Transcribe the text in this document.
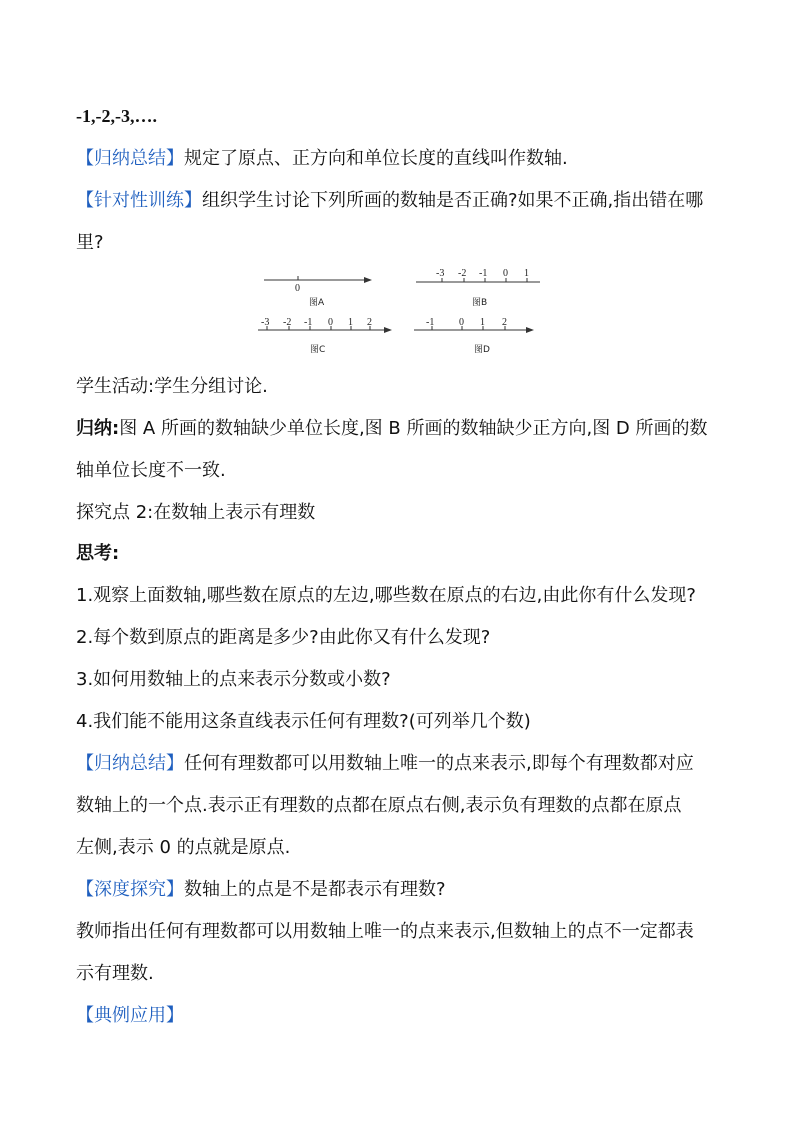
-1,-2,-3,….
【归纳总结】规定了原点、正方向和单位长度的直线叫作数轴.
【针对性训练】组织学生讨论下列所画的数轴是否正确?如果不正确,指出错在哪
里?
0
图A
-3 -2 -1 0 1
图B
-3 -2 -1 0 1 2
图C
-1 0 1 2
图D
学生活动:学生分组讨论.
归纳:图 A 所画的数轴缺少单位长度,图 B 所画的数轴缺少正方向,图 D 所画的数
轴单位长度不一致.
探究点 2:在数轴上表示有理数
思考:
1.观察上面数轴,哪些数在原点的左边,哪些数在原点的右边,由此你有什么发现?
2.每个数到原点的距离是多少?由此你又有什么发现?
3.如何用数轴上的点来表示分数或小数?
4.我们能不能用这条直线表示任何有理数?(可列举几个数)
【归纳总结】任何有理数都可以用数轴上唯一的点来表示,即每个有理数都对应
数轴上的一个点.表示正有理数的点都在原点右侧,表示负有理数的点都在原点
左侧,表示 0 的点就是原点.
【深度探究】数轴上的点是不是都表示有理数?
教师指出任何有理数都可以用数轴上唯一的点来表示,但数轴上的点不一定都表
示有理数.
【典例应用】
